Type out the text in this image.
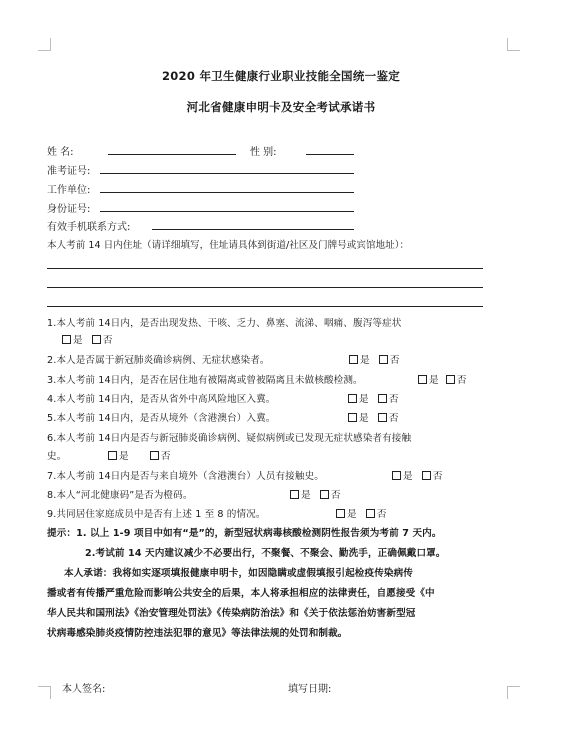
2020 年卫生健康行业职业技能全国统一鉴定
河北省健康申明卡及安全考试承诺书
姓 名:	性 别:
准考证号:
工作单位:
身份证号:
有效手机联系方式:
本人考前 14 日内住址（请详细填写，住址请具体到街道/社区及门牌号或宾馆地址）：
1.本人考前 14日内，是否出现发热、干咳、乏力、鼻塞、流涕、咽痛、腹泻等症状
是 否
2.本人是否属于新冠肺炎确诊病例、无症状感染者。	是 否
3.本人考前 14日内，是否在居住地有被隔离或曾被隔离且未做核酸检测。	是 否
4.本人考前 14日内，是否从省外中高风险地区入冀。	是 否
5.本人考前 14日内，是否从境外（含港澳台）入冀。	是 否
6.本人考前 14日内是否与新冠肺炎确诊病例、疑似病例或已发现无症状感染者有接触
史。	是	否
7.本人考前 14日内是否与来自境外（含港澳台）人员有接触史。	是 否
8.本人“河北健康码”是否为橙码。	是 否
9.共同居住家庭成员中是否有上述 1 至 8 的情况。	是 否
提示：1. 以上 1-9 项目中如有“是”的，新型冠状病毒核酸检测阴性报告须为考前 7 天内。
2.考试前 14 天内建议减少不必要出行，不聚餐、不聚会、勤洗手，正确佩戴口罩。
本人承诺：我将如实逐项填报健康申明卡，如因隐瞒或虚假填报引起检疫传染病传
播或者有传播严重危险而影响公共安全的后果，本人将承担相应的法律责任，自愿接受《中
华人民共和国刑法》《治安管理处罚法》《传染病防治法》和《关于依法惩治妨害新型冠
状病毒感染肺炎疫情防控违法犯罪的意见》等法律法规的处罚和制裁。
本人签名:	填写日期:
